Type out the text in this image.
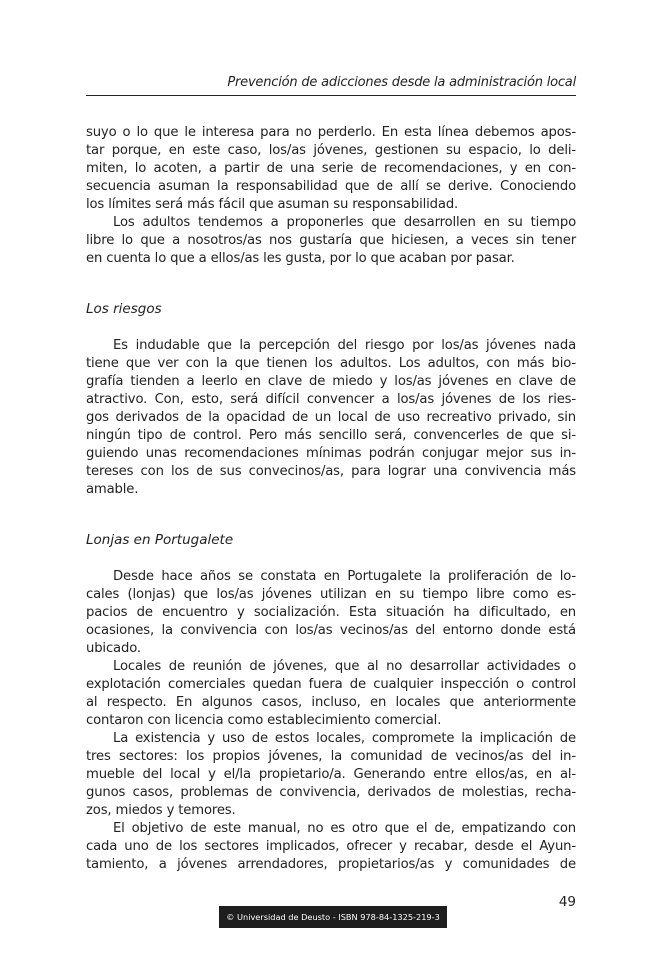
Prevención de adicciones desde la administración local

suyo o lo que le interesa para no perderlo. En esta línea debemos apos-
tar porque, en este caso, los/as jóvenes, gestionen su espacio, lo deli-
miten, lo acoten, a partir de una serie de recomendaciones, y en con-
secuencia asuman la responsabilidad que de allí se derive. Conociendo
los límites será más fácil que asuman su responsabilidad.

Los adultos tendemos a proponerles que desarrollen en su tiempo
libre lo que a nosotros/as nos gustaría que hiciesen, a veces sin tener
en cuenta lo que a ellos/as les gusta, por lo que acaban por pasar.

Los riesgos

Es indudable que la percepción del riesgo por los/as jóvenes nada
tiene que ver con la que tienen los adultos. Los adultos, con más bio-
grafía tienden a leerlo en clave de miedo y los/as jóvenes en clave de
atractivo. Con, esto, será difícil convencer a los/as jóvenes de los ries-
gos derivados de la opacidad de un local de uso recreativo privado, sin
ningún tipo de control. Pero más sencillo será, convencerles de que si-
guiendo unas recomendaciones mínimas podrán conjugar mejor sus in-
tereses con los de sus convecinos/as, para lograr una convivencia más
amable.

Lonjas en Portugalete

Desde hace años se constata en Portugalete la proliferación de lo-
cales (lonjas) que los/as jóvenes utilizan en su tiempo libre como es-
pacios de encuentro y socialización. Esta situación ha dificultado, en
ocasiones, la convivencia con los/as vecinos/as del entorno donde está
ubicado.

Locales de reunión de jóvenes, que al no desarrollar actividades o
explotación comerciales quedan fuera de cualquier inspección o control
al respecto. En algunos casos, incluso, en locales que anteriormente
contaron con licencia como establecimiento comercial.

La existencia y uso de estos locales, compromete la implicación de
tres sectores: los propios jóvenes, la comunidad de vecinos/as del in-
mueble del local y el/la propietario/a. Generando entre ellos/as, en al-
gunos casos, problemas de convivencia, derivados de molestias, recha-
zos, miedos y temores.

El objetivo de este manual, no es otro que el de, empatizando con
cada uno de los sectores implicados, ofrecer y recabar, desde el Ayun-
tamiento, a jóvenes arrendadores, propietarios/as y comunidades de

49
© Universidad de Deusto - ISBN 978-84-1325-219-3
